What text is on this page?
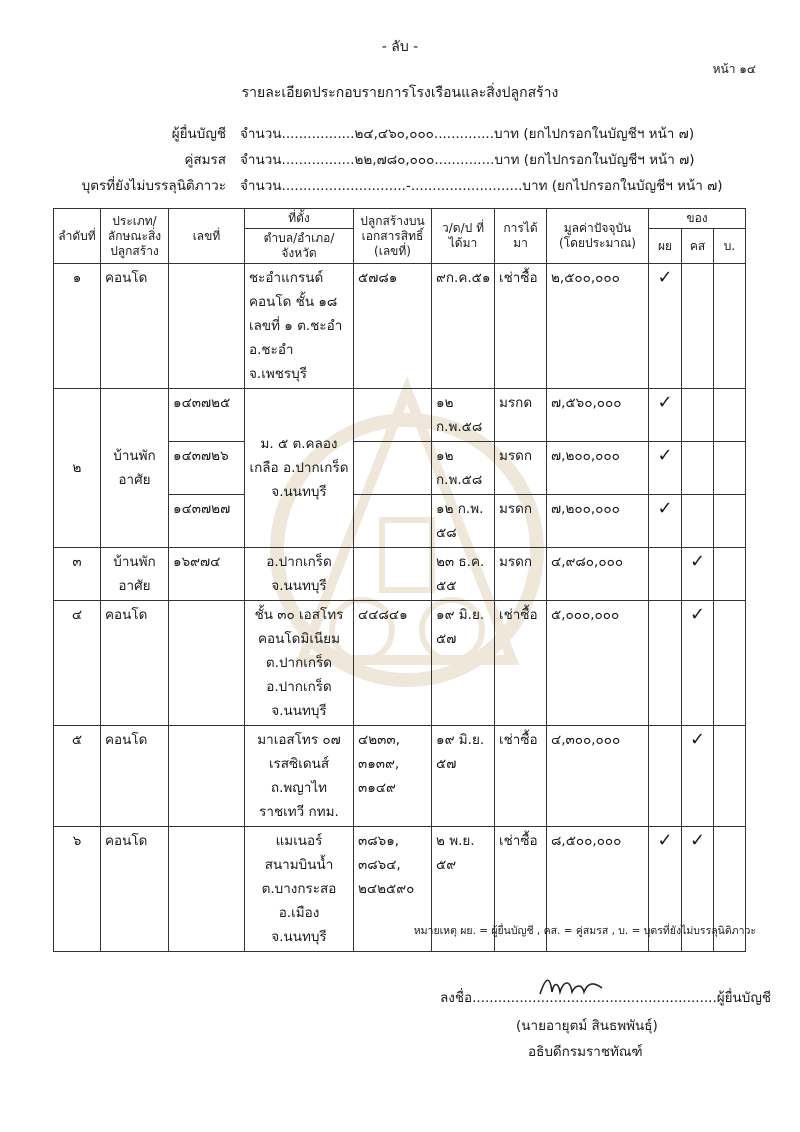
- ลับ -
หน้า ๑๔
รายละเอียดประกอบรายการโรงเรือนและสิ่งปลูกสร้าง
ผู้ยื่นบัญชี จำนวน.................๒๔,๔๖๐,๐๐๐..............บาท (ยกไปกรอกในบัญชีฯ หน้า ๗)
คู่สมรส จำนวน.................๒๒,๗๘๐,๐๐๐..............บาท (ยกไปกรอกในบัญชีฯ หน้า ๗)
บุตรที่ยังไม่บรรลุนิติภาวะ จำนวน.............................-..........................บาท (ยกไปกรอกในบัญชีฯ หน้า ๗)
ลำดับที่	ประเภท/ลักษณะสิ่งปลูกสร้าง	เลขที่	ที่ตั้ง	ปลูกสร้างบนเอกสารสิทธิ์ (เลขที่)	ว/ด/ป ที่ได้มา	การได้มา	มูลค่าปัจจุบัน (โดยประมาณ)	ของ		
			ตำบล/อำเภอ/จังหวัด					ผย	คส	บ.
๑	คอนโด		ชะอำแกรนด์ คอนโด ชั้น ๑๘ เลขที่ ๑ ต.ชะอำ อ.ชะอำ จ.เพชรบุรี	๕๗๘๑	๙ก.ค.๕๑	เช่าซื้อ	๒,๕๐๐,๐๐๐	✓		
๒	บ้านพักอาศัย	๑๔๓๗๒๕	ม. ๕ ต.คลองเกลือ อ.ปากเกร็ด จ.นนทบุรี		๑๒ ก.พ.๕๘	มรกด	๗,๕๖๐,๐๐๐	✓		
		๑๔๓๗๒๖			๑๒ ก.พ.๕๘	มรดก	๗,๒๐๐,๐๐๐	✓		
		๑๔๓๗๒๗			๑๒ ก.พ. ๕๘	มรดก	๗,๒๐๐,๐๐๐	✓		
๓	บ้านพักอาศัย	๑๖๙๗๔	อ.ปากเกร็ด จ.นนทบุรี		๒๓ ธ.ค. ๕๕	มรดก	๔,๙๘๐,๐๐๐		✓	
๔	คอนโด		ชั้น ๓๐ เอสโทร คอนโดมิเนียม ต.ปากเกร็ด อ.ปากเกร็ด จ.นนทบุรี	๔๔๘๔๑	๑๙ มิ.ย. ๕๗	เช่าซื้อ	๕,๐๐๐,๐๐๐		✓	
๕	คอนโด		มาเอสโทร ๐๗ เรสซิเดนส์ ถ.พญาไท ราชเทวี กทม.	๔๒๓๓, ๓๑๓๙, ๓๑๔๙	๑๙ มิ.ย. ๕๗	เช่าซื้อ	๔,๓๐๐,๐๐๐		✓	
๖	คอนโด		แมเนอร์ สนามบินน้ำ ต.บางกระสอ อ.เมือง จ.นนทบุรี	๓๘๖๑, ๓๘๖๔, ๒๔๒๕๙๐	๒ พ.ย. ๕๙	เช่าซื้อ	๘,๕๐๐,๐๐๐	✓	✓	
หมายเหตุ ผย. = ผู้ยื่นบัญชี , คส. = คู่สมรส , บ. = บุตรที่ยังไม่บรรลุนิติภาวะ
ลงชื่อ.........................................................ผู้ยื่นบัญชี
(นายอายุตม์ สินธพพันธุ์)
อธิบดีกรมราชทัณฑ์
